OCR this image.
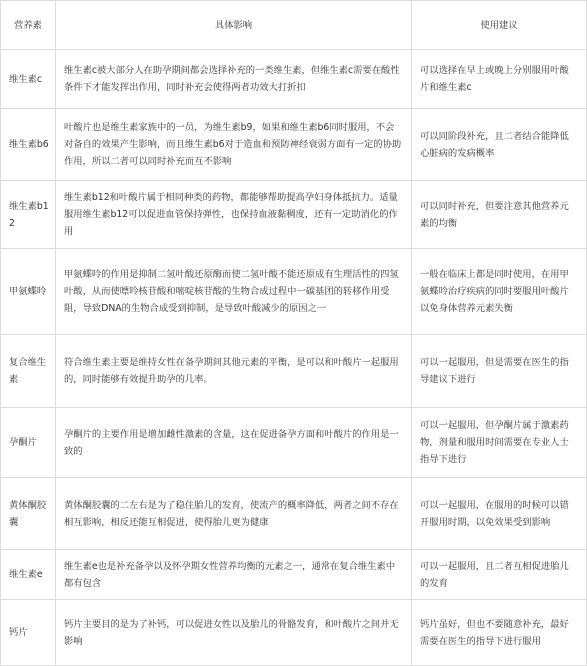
营养素	具体影响	使用建议
维生素c	维生素c被大部分人在助孕期间都会选择补充的一类维生素，但维生素c需要在酸性条件下才能发挥出作用，同时补充会使得两者功效大打折扣	可以选择在早上或晚上分别服用叶酸片和维生素c
维生素b6	叶酸片也是维生素家族中的一员，为维生素b9，如果和维生素b6同时服用，不会对备自的效果产生影响，而且维生素b6对于造血和预防神经衰弱方面有一定的协助作用，所以二者可以同时补充而互不影响	可以同阶段补充，且二者结合能降低心脏病的发病概率
维生素b12	维生素b12和叶酸片属于相同种类的药物，都能够帮助提高孕妇身体抵抗力。适量服用维生素b12可以促进血管保持弹性，也保持血液黏稠度，还有一定助消化的作用	可以同时补充，但要注意其他营养元素的均衡
甲氨蝶呤	甲氨蝶呤的作用是抑制二氢叶酸还原酶而使二氢叶酸不能还原成有生理活性的四氢叶酸，从而使嘌呤核苷酸和嘧啶核苷酸的生物合成过程中一碳基团的转移作用受阻，导致DNA的生物合成受到抑制，是导致叶酸减少的原因之一	一般在临床上都是同时使用，在用甲氨蝶呤治疗疾病的同时要服用叶酸片以免身体营养元素失衡
复合维生素	符合维生素主要是维持女性在备孕期间其他元素的平衡，是可以和叶酸片一起服用的，同时能够有效提升助孕的几率。	可以一起服用，但是需要在医生的指导建议下进行
孕酮片	孕酮片的主要作用是增加雌性激素的含量，这在促进备孕方面和叶酸片的作用是一致的	可以一起服用，但孕酮片属于激素药物，剂量和服用时间需要在专业人士指导下进行
黄体酮胶囊	黄体酮胶囊的二左右是为了稳住胎儿的发育，使流产的概率降低，两者之间不存在相互影响，相反还能互相促进，使得胎儿更为健康	可以一起服用，在服用的时候可以错开服用时期，以免效果受到影响
维生素e	维生素e也是补充备孕以及怀孕期女性营养均衡的元素之一，通常在复合维生素中都有包含	可以一起服用，且二者互相促进胎儿的发育
钙片	钙片主要目的是为了补钙，可以促进女性以及胎儿的骨骼发育，和叶酸片之间并无影响	钙片虽好，但也不要随意补充，最好需要在医生的指导下进行服用
